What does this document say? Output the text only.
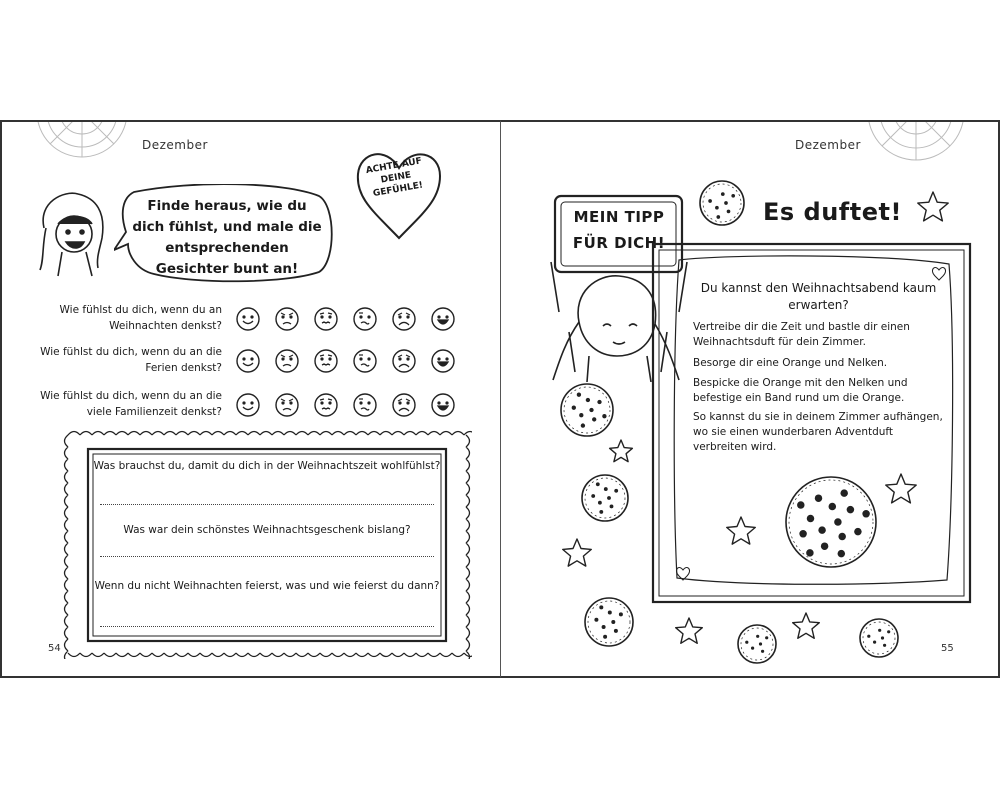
Dezember
Finde heraus, wie du dich fühlst, und male die entsprechenden Gesichter bunt an!
ACHTE AUF DEINE GEFÜHLE!
Wie fühlst du dich, wenn du an Weihnachten denkst?
Wie fühlst du dich, wenn du an die Ferien denkst?
Wie fühlst du dich, wenn du an die viele Familienzeit denkst?
Was brauchst du, damit du dich in der Weihnachtszeit wohlfühlst?
Was war dein schönstes Weihnachtsgeschenk bislang?
Wenn du nicht Weihnachten feierst, was und wie feierst du dann?
54
Dezember
MEIN TIPP FÜR DICH!
Es duftet!
Du kannst den Weihnachtsabend kaum erwarten?
Vertreibe dir die Zeit und bastle dir einen Weihnachtsduft für dein Zimmer.
Besorge dir eine Orange und Nelken.
Bespicke die Orange mit den Nelken und befestige ein Band rund um die Orange.
So kannst du sie in deinem Zimmer aufhängen, wo sie einen wunderbaren Adventduft verbreiten wird.
55
